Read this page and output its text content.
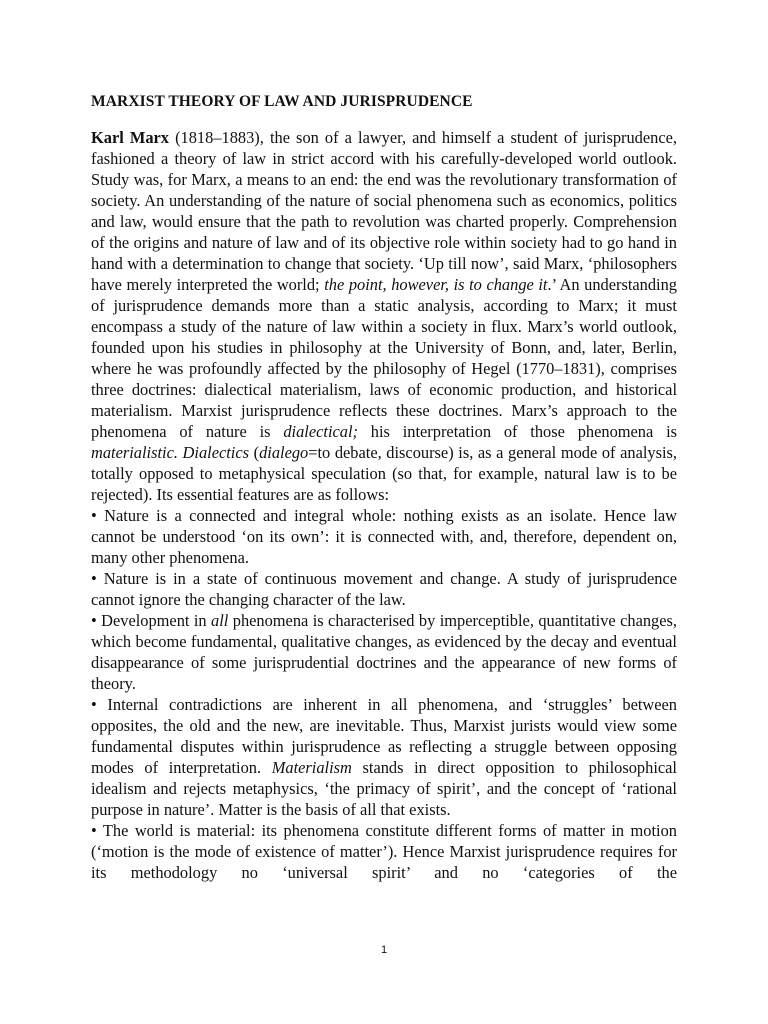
MARXIST THEORY OF LAW AND JURISPRUDENCE

Karl Marx (1818–1883), the son of a lawyer, and himself a student of jurisprudence, fashioned a theory of law in strict accord with his carefully-developed world outlook. Study was, for Marx, a means to an end: the end was the revolutionary transformation of society. An understanding of the nature of social phenomena such as economics, politics and law, would ensure that the path to revolution was charted properly. Comprehension of the origins and nature of law and of its objective role within society had to go hand in hand with a determination to change that society. ‘Up till now’, said Marx, ‘philosophers have merely interpreted the world; the point, however, is to change it.’ An understanding of jurisprudence demands more than a static analysis, according to Marx; it must encompass a study of the nature of law within a society in flux. Marx’s world outlook, founded upon his studies in philosophy at the University of Bonn, and, later, Berlin, where he was profoundly affected by the philosophy of Hegel (1770–1831), comprises three doctrines: dialectical materialism, laws of economic production, and historical materialism. Marxist jurisprudence reflects these doctrines. Marx’s approach to the phenomena of nature is dialectical; his interpretation of those phenomena is materialistic. Dialectics (dialego=to debate, discourse) is, as a general mode of analysis, totally opposed to metaphysical speculation (so that, for example, natural law is to be rejected). Its essential features are as follows:

• Nature is a connected and integral whole: nothing exists as an isolate. Hence law cannot be understood ‘on its own’: it is connected with, and, therefore, dependent on, many other phenomena.

• Nature is in a state of continuous movement and change. A study of jurisprudence cannot ignore the changing character of the law.

• Development in all phenomena is characterised by imperceptible, quantitative changes, which become fundamental, qualitative changes, as evidenced by the decay and eventual disappearance of some jurisprudential doctrines and the appearance of new forms of theory.

• Internal contradictions are inherent in all phenomena, and ‘struggles’ between opposites, the old and the new, are inevitable. Thus, Marxist jurists would view some fundamental disputes within jurisprudence as reflecting a struggle between opposing modes of interpretation. Materialism stands in direct opposition to philosophical idealism and rejects metaphysics, ‘the primacy of spirit’, and the concept of ‘rational purpose in nature’. Matter is the basis of all that exists.

• The world is material: its phenomena constitute different forms of matter in motion (‘motion is the mode of existence of matter’). Hence Marxist jurisprudence requires for its methodology no ‘universal spirit’ and no ‘categories of the

1
